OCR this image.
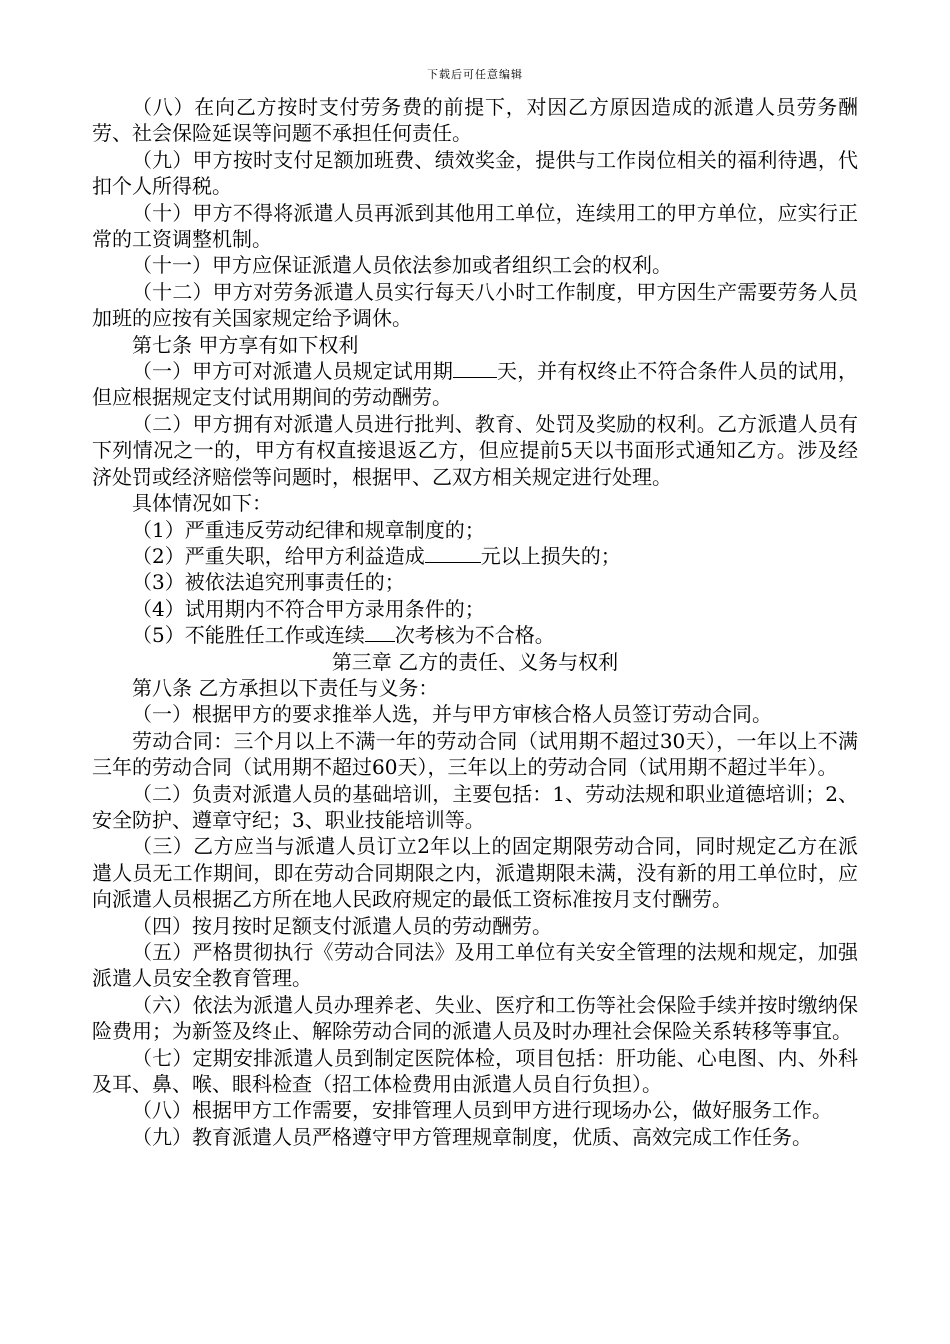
下载后可任意编辑

（八）在向乙方按时支付劳务费的前提下，对因乙方原因造成的派遣人员劳务酬劳、社会保险延误等问题不承担任何责任。

（九）甲方按时支付足额加班费、绩效奖金，提供与工作岗位相关的福利待遇，代扣个人所得税。

（十）甲方不得将派遣人员再派到其他用工单位，连续用工的甲方单位，应实行正常的工资调整机制。

（十一）甲方应保证派遣人员依法参加或者组织工会的权利。

（十二）甲方对劳务派遣人员实行每天八小时工作制度，甲方因生产需要劳务人员加班的应按有关国家规定给予调休。

第七条 甲方享有如下权利

（一）甲方可对派遣人员规定试用期 天，并有权终止不符合条件人员的试用，但应根据规定支付试用期间的劳动酬劳。

（二）甲方拥有对派遣人员进行批判、教育、处罚及奖励的权利。乙方派遣人员有下列情况之一的，甲方有权直接退返乙方，但应提前5天以书面形式通知乙方。涉及经济处罚或经济赔偿等问题时，根据甲、乙双方相关规定进行处理。

具体情况如下：

（1）严重违反劳动纪律和规章制度的；

（2）严重失职，给甲方利益造成	元以上损失的；

（3）被依法追究刑事责任的；

（4）试用期内不符合甲方录用条件的；

（5）不能胜任工作或连续 次考核为不合格。

第三章 乙方的责任、义务与权利

第八条 乙方承担以下责任与义务：

（一）根据甲方的要求推举人选，并与甲方审核合格人员签订劳动合同。

劳动合同：三个月以上不满一年的劳动合同（试用期不超过30天），一年以上不满三年的劳动合同（试用期不超过60天），三年以上的劳动合同（试用期不超过半年）。

（二）负责对派遣人员的基础培训，主要包括：1、劳动法规和职业道德培训；2、安全防护、遵章守纪；3、职业技能培训等。

（三）乙方应当与派遣人员订立2年以上的固定期限劳动合同，同时规定乙方在派遣人员无工作期间，即在劳动合同期限之内，派遣期限未满，没有新的用工单位时，应向派遣人员根据乙方所在地人民政府规定的最低工资标准按月支付酬劳。

（四）按月按时足额支付派遣人员的劳动酬劳。

（五）严格贯彻执行《劳动合同法》及用工单位有关安全管理的法规和规定，加强派遣人员安全教育管理。

（六）依法为派遣人员办理养老、失业、医疗和工伤等社会保险手续并按时缴纳保险费用；为新签及终止、解除劳动合同的派遣人员及时办理社会保险关系转移等事宜。

（七）定期安排派遣人员到制定医院体检，项目包括：肝功能、心电图、内、外科及耳、鼻、喉、眼科检查（招工体检费用由派遣人员自行负担）。

（八）根据甲方工作需要，安排管理人员到甲方进行现场办公，做好服务工作。

（九）教育派遣人员严格遵守甲方管理规章制度，优质、高效完成工作任务。
